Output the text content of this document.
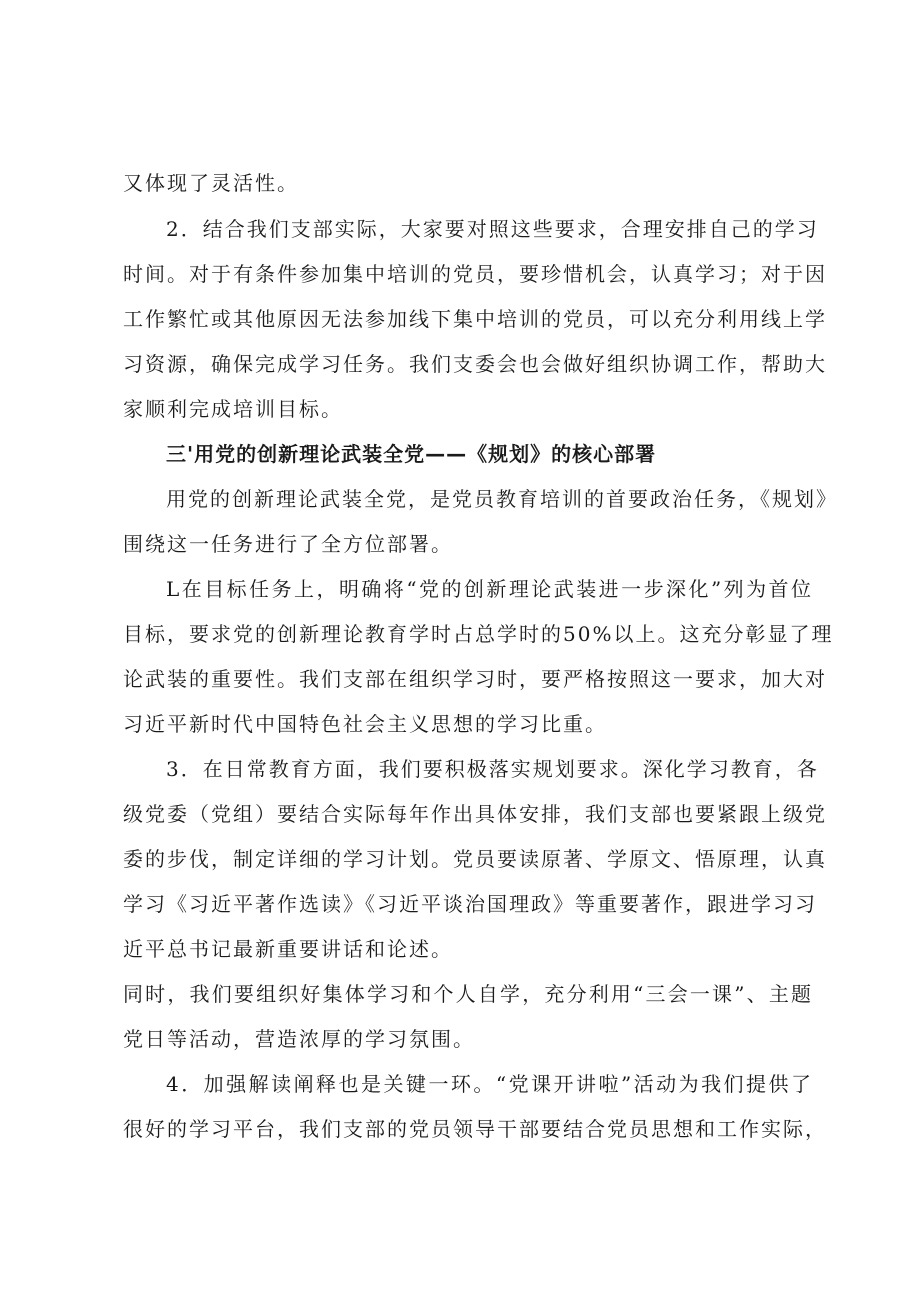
又体现了灵活性。
2．结合我们支部实际，大家要对照这些要求，合理安排自己的学习
时间。对于有条件参加集中培训的党员，要珍惜机会，认真学习；对于因
工作繁忙或其他原因无法参加线下集中培训的党员，可以充分利用线上学
习资源，确保完成学习任务。我们支委会也会做好组织协调工作，帮助大
家顺利完成培训目标。
三'用党的创新理论武装全党——《规划》的核心部署
用党的创新理论武装全党，是党员教育培训的首要政治任务，《规划》
围绕这一任务进行了全方位部署。
L在目标任务上，明确将“党的创新理论武装进一步深化”列为首位
目标，要求党的创新理论教育学时占总学时的50%以上。这充分彰显了理
论武装的重要性。我们支部在组织学习时，要严格按照这一要求，加大对
习近平新时代中国特色社会主义思想的学习比重。
3．在日常教育方面，我们要积极落实规划要求。深化学习教育，各
级党委（党组）要结合实际每年作出具体安排，我们支部也要紧跟上级党
委的步伐，制定详细的学习计划。党员要读原著、学原文、悟原理，认真
学习《习近平著作选读》《习近平谈治国理政》等重要著作，跟进学习习
近平总书记最新重要讲话和论述。
同时，我们要组织好集体学习和个人自学，充分利用“三会一课”、主题
党日等活动，营造浓厚的学习氛围。
4．加强解读阐释也是关键一环。“党课开讲啦”活动为我们提供了
很好的学习平台，我们支部的党员领导干部要结合党员思想和工作实际，
